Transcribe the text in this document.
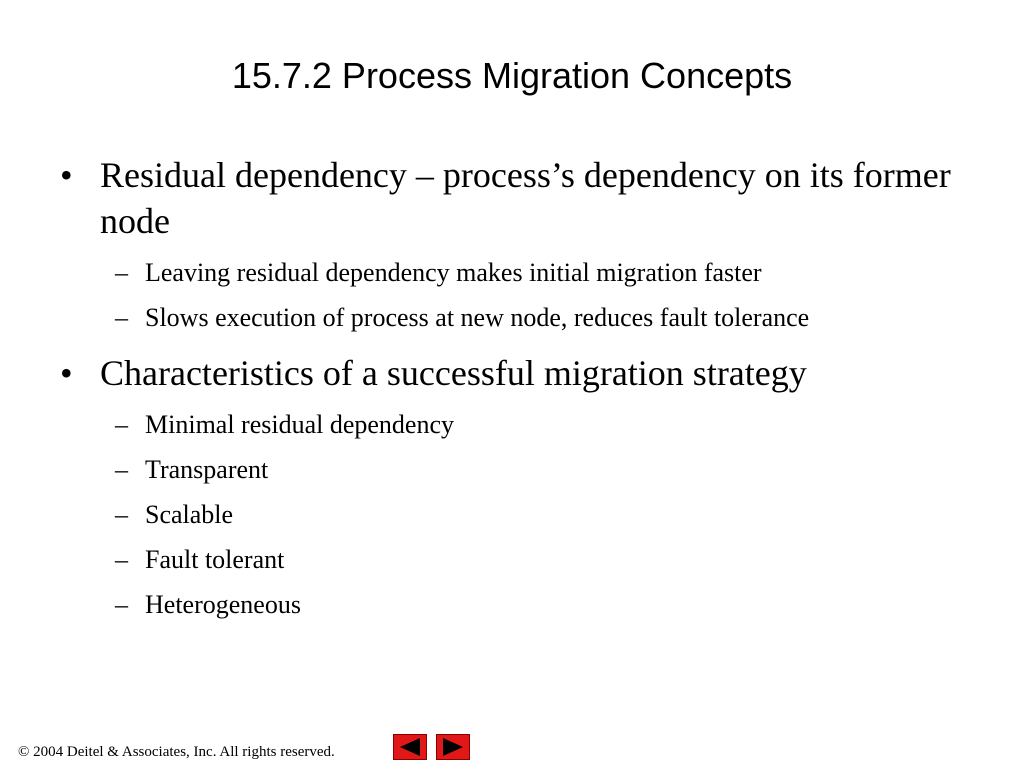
15.7.2 Process Migration Concepts
• Residual dependency – process’s dependency on its former node
– Leaving residual dependency makes initial migration faster
– Slows execution of process at new node, reduces fault tolerance
• Characteristics of a successful migration strategy
– Minimal residual dependency
– Transparent
– Scalable
– Fault tolerant
– Heterogeneous
© 2004 Deitel & Associates, Inc. All rights reserved.
